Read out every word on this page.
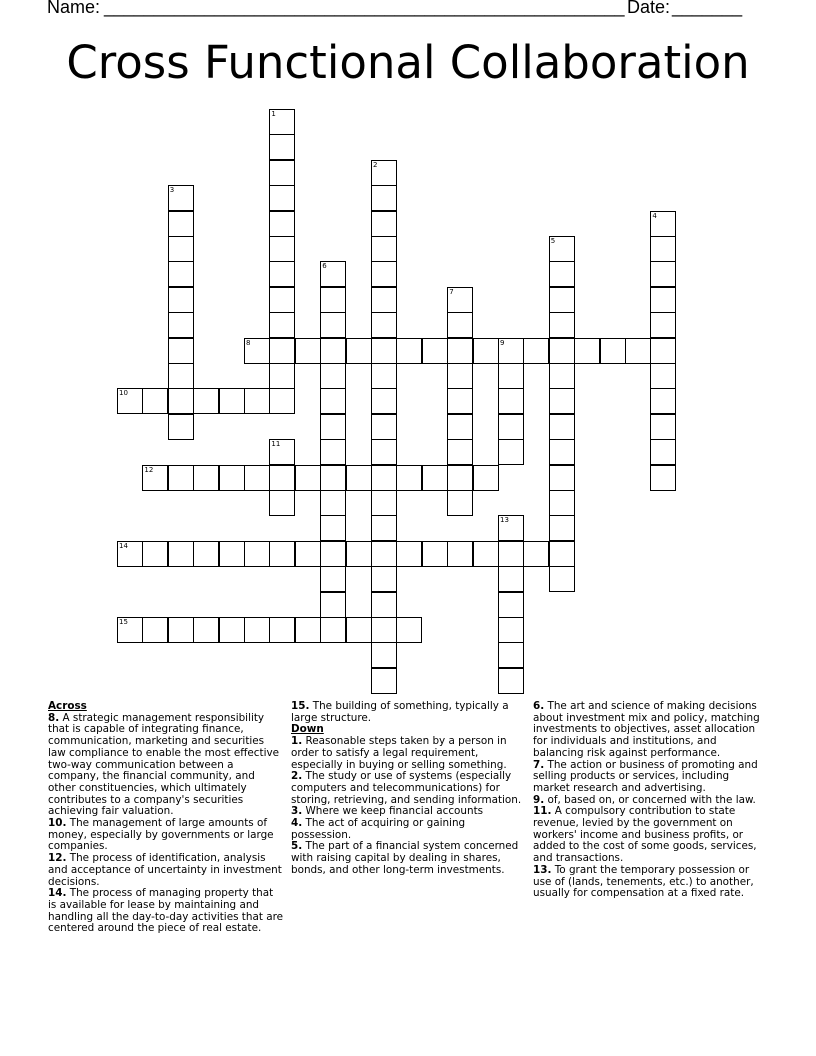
Name: ____________________________________________________ Date: _______
Cross Functional Collaboration
1
2
3
4
5
6
7
8	9
10
11
12
13
14
15
Across
8. A strategic management responsibility that is capable of integrating finance, communication, marketing and securities law compliance to enable the most effective two-way communication between a company, the financial community, and other constituencies, which ultimately contributes to a company's securities achieving fair valuation.
10. The management of large amounts of money, especially by governments or large companies.
12. The process of identification, analysis and acceptance of uncertainty in investment decisions.
14. The process of managing property that is available for lease by maintaining and handling all the day-to-day activities that are centered around the piece of real estate.
15. The building of something, typically a large structure.
Down
1. Reasonable steps taken by a person in order to satisfy a legal requirement, especially in buying or selling something.
2. The study or use of systems (especially computers and telecommunications) for storing, retrieving, and sending information.
3. Where we keep financial accounts
4. The act of acquiring or gaining possession.
5. The part of a financial system concerned with raising capital by dealing in shares, bonds, and other long-term investments.
6. The art and science of making decisions about investment mix and policy, matching investments to objectives, asset allocation for individuals and institutions, and balancing risk against performance.
7. The action or business of promoting and selling products or services, including market research and advertising.
9. of, based on, or concerned with the law.
11. A compulsory contribution to state revenue, levied by the government on workers' income and business profits, or added to the cost of some goods, services, and transactions.
13. To grant the temporary possession or use of (lands, tenements, etc.) to another, usually for compensation at a fixed rate.
